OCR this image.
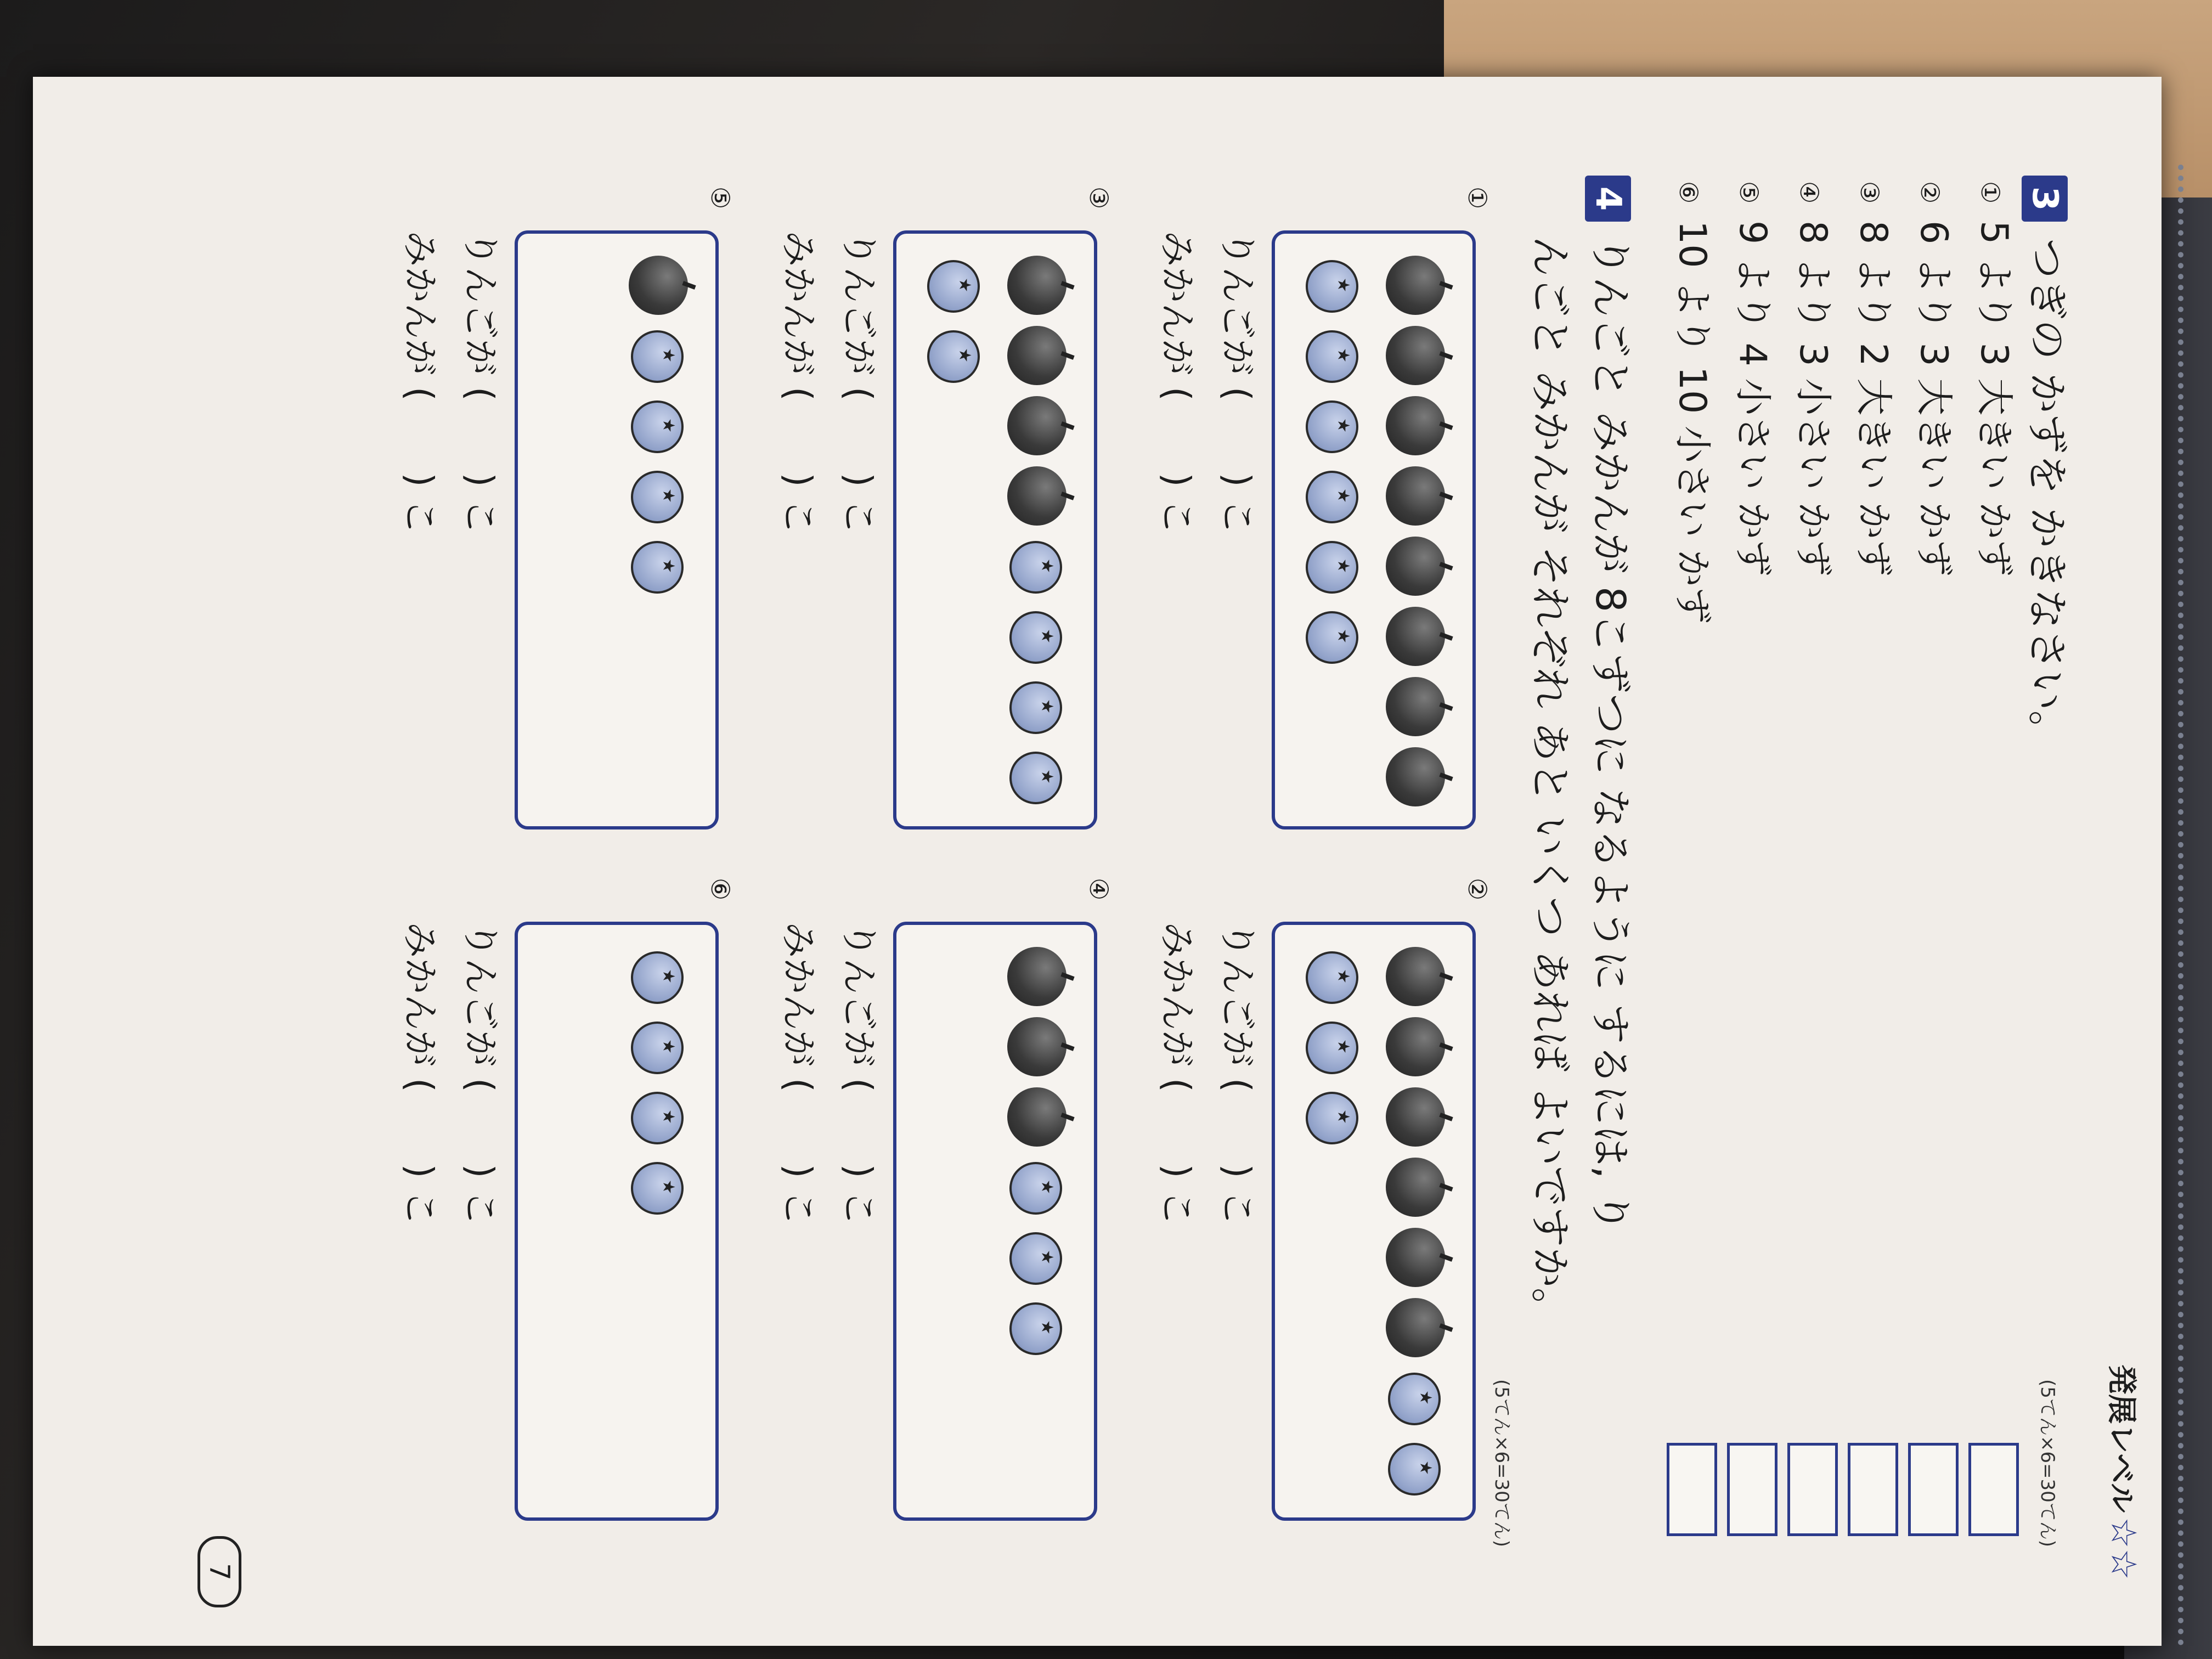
発展レベル☆☆
3つぎの かずを かきなさい。
(5てん×6=30てん)
①5 より 3 大きい かず
②6 より 3 大きい かず
③8 より 2 大きい かず
④8 より 3 小さい かず
⑤9 より 4 小さい かず
⑥10 より 10 小さい かず
4りんごと みかんが 8こずつに なるように するには, り
んごと みかんが それぞれ あと いくつ あれば よいですか。
(5てん×6=30てん)
①
★
★
★
★
★
★
②
★
★
★
★
★
りんごが ( ) こ
みかんが ( ) こ
りんごが ( ) こ
みかんが ( ) こ
③
★
★
★
★
★
★
④
★
★
★
りんごが ( ) こ
みかんが ( ) こ
りんごが ( ) こ
みかんが ( ) こ
⑤
★
★
★
★
⑥
★
★
★
★
りんごが ( ) こ
みかんが ( ) こ
りんごが ( ) こ
みかんが ( ) こ
7
